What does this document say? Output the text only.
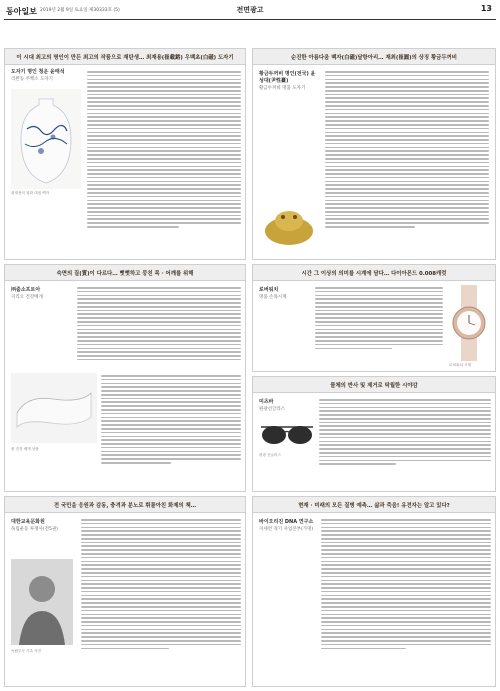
동아일보 2019년 2월 9일 토요일 제30333호 (5)	전면광고	13
이 시대 최고의 명인이 만든 최고의 작품으로 재탄생… 최재용(崔載鎔) 우백초(白磁) 도자기
도자기 명인 청운 윤태석
리완동 주백소 도자기
최재용의 청화 대접 백자
순진한 아름다움 백자(白磁)달항아리… 재최(崔圓)의 상징 황금두꺼비
황금두꺼비 명인(전국) 윤성대(尹性臺)
황금두꺼비 명품 도자기
숙면의 질(質)이 다르다… 뻣뻣하고 뭉친 목 · 어깨를 위해
㈜줌소프트아
지리오 건강베개
줌 건강 베개 상품
시간 그 이상의 의미를 시계에 담다… 다이아몬드 0.008캐럿
로버워치
명품 손목시계
로버워치 시계
물체의 반사 및 제거로 탁월한 시야감
미츠바
편광선글라스
편광 선글라스
전 국민을 응원과 감동, 충격과 분노로 휘몰아친 화제의 책…
대한교육문화원
독립운동 투쟁사(전5권)
독립투사 기록 사진
현재 · 미래의 모든 질병 예측… 삶과 죽음! 유전자는 알고 있다?
바이오리진 DNA 연구소
지세련 경기 사업본부(가명)
